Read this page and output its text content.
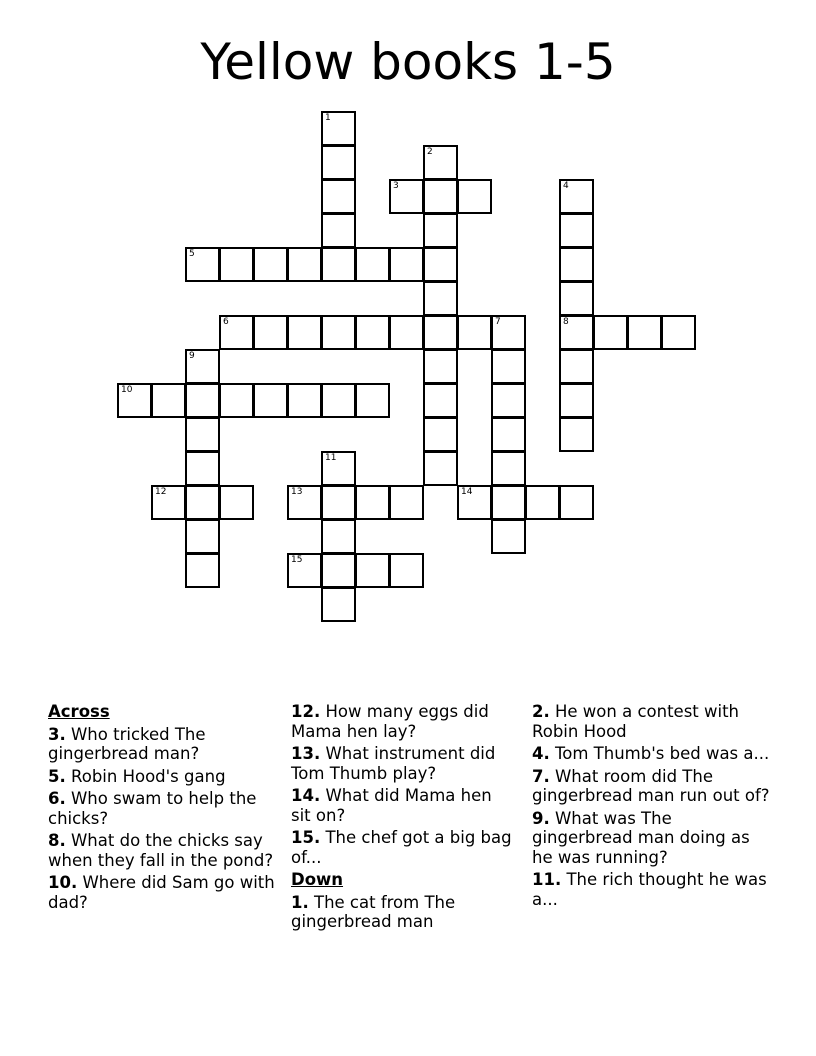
Yellow books 1-5
1
2
3	4
5
6	7	8
9
10
11
12	13	14
15
Across
3. Who tricked The gingerbread man?
5. Robin Hood's gang
6. Who swam to help the chicks?
8. What do the chicks say when they fall in the pond?
10. Where did Sam go with dad?
12. How many eggs did Mama hen lay?
13. What instrument did Tom Thumb play?
14. What did Mama hen sit on?
15. The chef got a big bag of...
Down
1. The cat from The gingerbread man
2. He won a contest with Robin Hood
4. Tom Thumb's bed was a...
7. What room did The gingerbread man run out of?
9. What was The gingerbread man doing as he was running?
11. The rich thought he was a...
